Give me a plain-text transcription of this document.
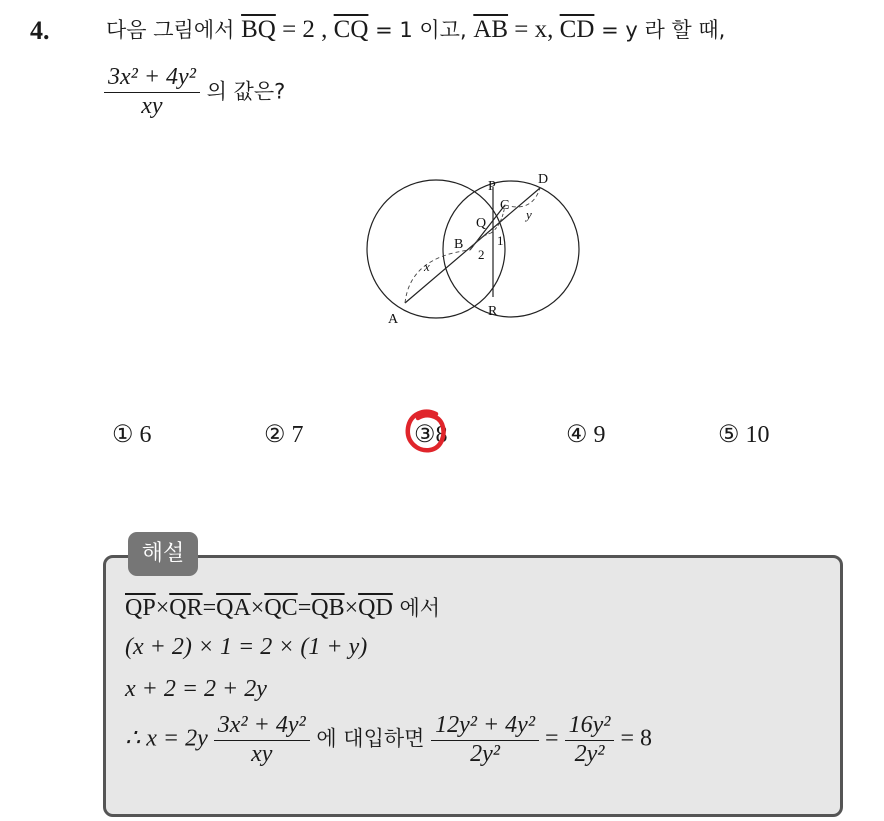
4.	다음 그림에서 $\overline{BQ} = 2$ , $\overline{CQ} = 1$ 이고, $\overline{AB} = x$, $\overline{CD} = y$ 라 할 때,
$\frac{\text{3x² + 4y²}}{xy}$ 의 값은?
A
B
C
D
P
Q
R
x
y
2
1
① 6	② 7	③8	④ 9	⑤ 10
해설
$\overline{QP}\times\overline{QR}=\overline{QA}\times\overline{QC}=\overline{QB}\times\overline{QD}$ 에서
(x + 2) × 1 = 2 × (1 + y)
x + 2 = 2 + 2y
∴ $x = 2y \frac{\text{3x² + 4y²}}{xy}$ 에 대입하면 $\frac{\text{12y² + 4y²}}{\text{2y²}} = \frac{\text{16y²}}{\text{2y²}} = 8$
